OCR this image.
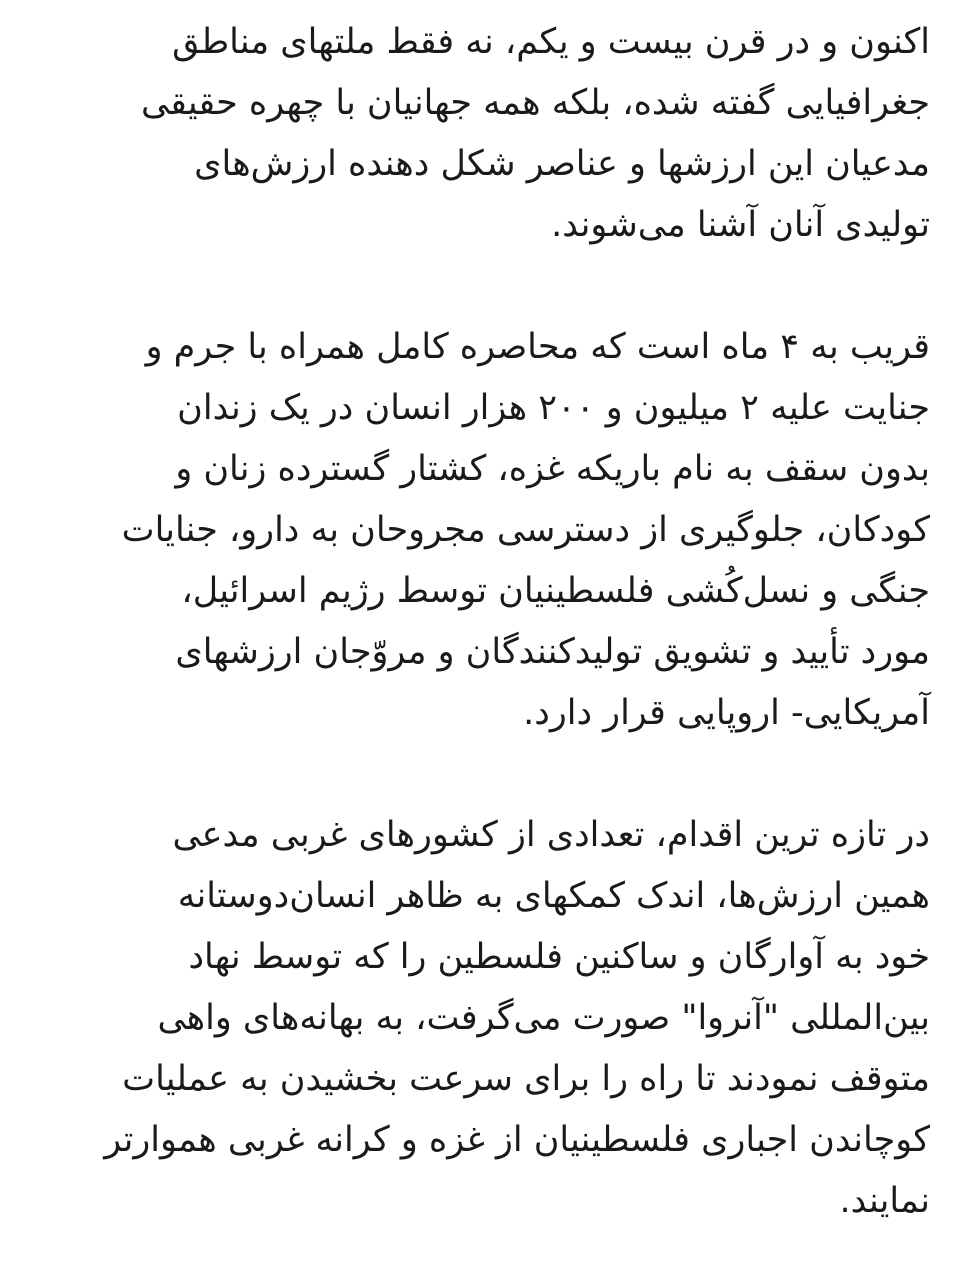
اکنون و در قرن بیست و یکم، نه فقط ملتهای مناطق
جغرافیایی گفته شده، بلکه همه جهانیان با چهره حقیقی
مدعیان این ارزشها و عناصر شکل دهنده ارزش‌های
تولیدی آنان آشنا می‌شوند.

قریب به ۴ ماه است که محاصره کامل همراه با جرم و
جنایت علیه ۲ میلیون و ۲۰۰ هزار انسان در یک زندان
بدون سقف به نام باریکه غزه، کشتار گسترده زنان و
کودکان، جلوگیری از دسترسی مجروحان به دارو، جنایات
جنگی و نسل‌کُشی فلسطینیان توسط رژیم اسرائیل،
مورد تأیید و تشویق تولیدکنندگان و مروّجان ارزشهای
آمریکایی- اروپایی قرار دارد.

در تازه ترین اقدام، تعدادی از کشورهای غربی مدعی
همین ارزش‌ها، اندک کمکهای به ظاهر انسان‌دوستانه
خود به آوارگان و ساکنین فلسطین را که توسط نهاد
بین‌المللی "آنروا" صورت می‌گرفت، به بهانه‌های واهی
متوقف نمودند تا راه را برای سرعت بخشیدن به عملیات
کوچاندن اجباری فلسطینیان از غزه و کرانه غربی هموارتر
نمایند.
